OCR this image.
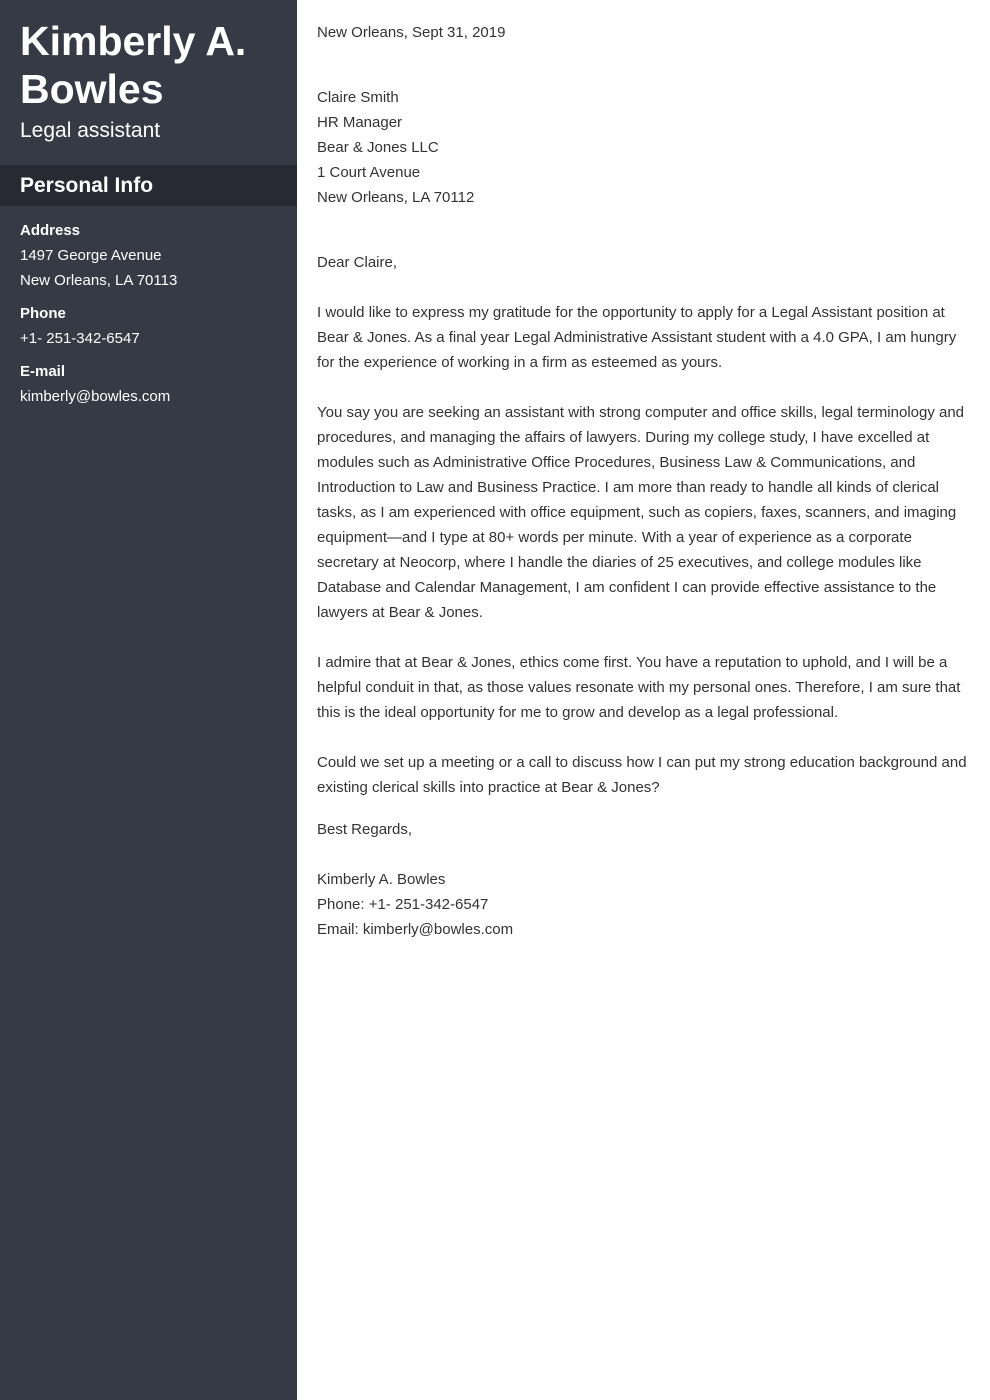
Kimberly A.
Bowles
Legal assistant
Personal Info
Address
1497 George Avenue
New Orleans, LA 70113
Phone
+1- 251-342-6547
E-mail
kimberly@bowles.com

New Orleans, Sept 31, 2019

Claire Smith

HR Manager

Bear & Jones LLC

1 Court Avenue

New Orleans, LA 70112

Dear Claire,

I would like to express my gratitude for the opportunity to apply for a Legal Assistant position at Bear & Jones. As a final year Legal Administrative Assistant student with a 4.0 GPA, I am hungry for the experience of working in a firm as esteemed as yours.

You say you are seeking an assistant with strong computer and office skills, legal terminology and procedures, and managing the affairs of lawyers. During my college study, I have excelled at modules such as Administrative Office Procedures, Business Law & Communications, and Introduction to Law and Business Practice. I am more than ready to handle all kinds of clerical tasks, as I am experienced with office equipment, such as copiers, faxes, scanners, and imaging equipment—and I type at 80+ words per minute. With a year of experience as a corporate secretary at Neocorp, where I handle the diaries of 25 executives, and college modules like Database and Calendar Management, I am confident I can provide effective assistance to the lawyers at Bear & Jones.

I admire that at Bear & Jones, ethics come first. You have a reputation to uphold, and I will be a helpful conduit in that, as those values resonate with my personal ones. Therefore, I am sure that this is the ideal opportunity for me to grow and develop as a legal professional.

Could we set up a meeting or a call to discuss how I can put my strong education background and existing clerical skills into practice at Bear & Jones?

Best Regards,

Kimberly A. Bowles

Phone: +1- 251-342-6547

Email: kimberly@bowles.com
